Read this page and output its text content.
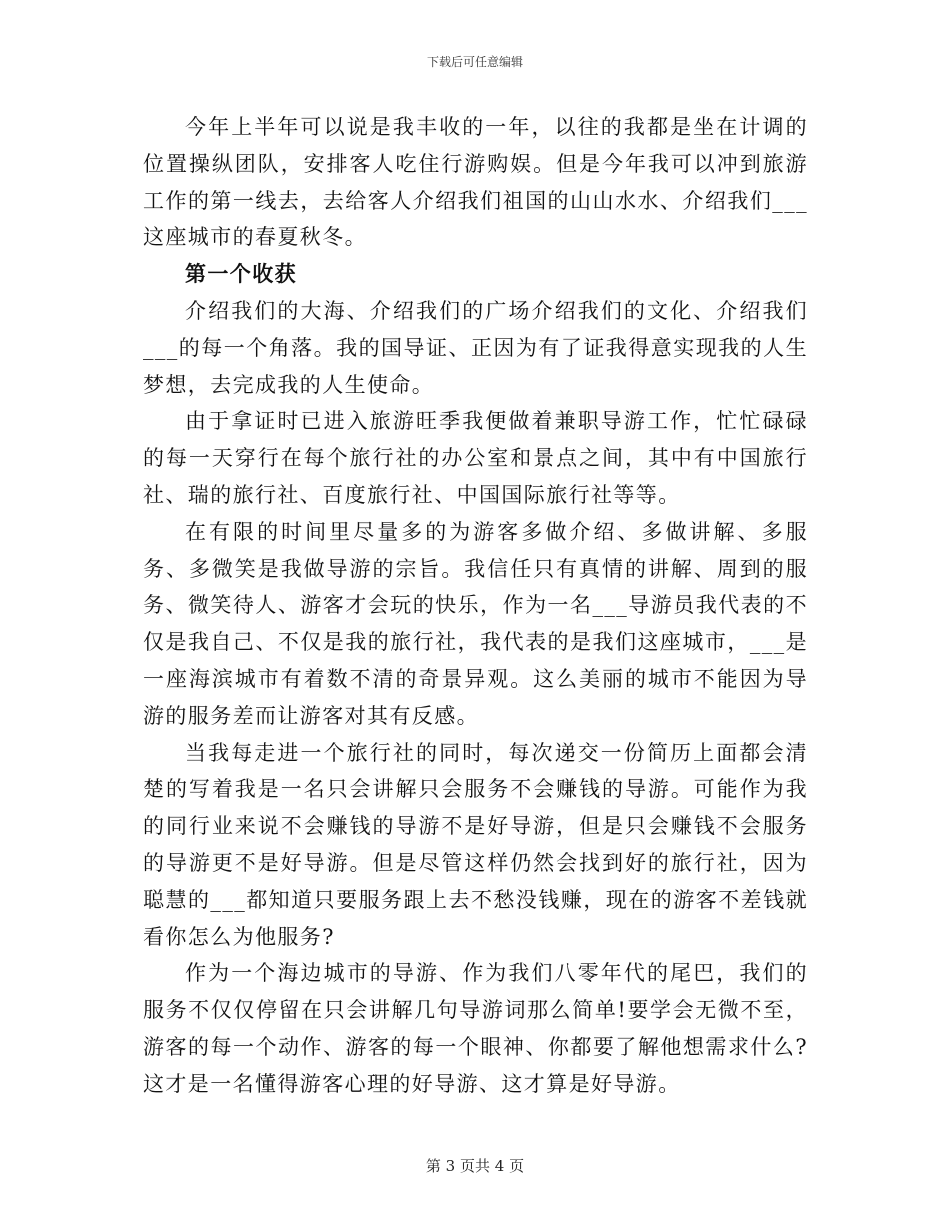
下载后可任意编辑

今年上半年可以说是我丰收的一年，以往的我都是坐在计调的位置操纵团队，安排客人吃住行游购娱。但是今年我可以冲到旅游工作的第一线去，去给客人介绍我们祖国的山山水水、介绍我们___这座城市的春夏秋冬。

第一个收获

介绍我们的大海、介绍我们的广场介绍我们的文化、介绍我们___的每一个角落。我的国导证、正因为有了证我得意实现我的人生梦想，去完成我的人生使命。

由于拿证时已进入旅游旺季我便做着兼职导游工作，忙忙碌碌的每一天穿行在每个旅行社的办公室和景点之间，其中有中国旅行社、瑞的旅行社、百度旅行社、中国国际旅行社等等。

在有限的时间里尽量多的为游客多做介绍、多做讲解、多服务、多微笑是我做导游的宗旨。我信任只有真情的讲解、周到的服务、微笑待人、游客才会玩的快乐，作为一名___导游员我代表的不仅是我自己、不仅是我的旅行社，我代表的是我们这座城市，___是一座海滨城市有着数不清的奇景异观。这么美丽的城市不能因为导游的服务差而让游客对其有反感。

当我每走进一个旅行社的同时，每次递交一份简历上面都会清楚的写着我是一名只会讲解只会服务不会赚钱的导游。可能作为我的同行业来说不会赚钱的导游不是好导游，但是只会赚钱不会服务的导游更不是好导游。但是尽管这样仍然会找到好的旅行社，因为聪慧的___都知道只要服务跟上去不愁没钱赚，现在的游客不差钱就看你怎么为他服务?

作为一个海边城市的导游、作为我们八零年代的尾巴，我们的服务不仅仅停留在只会讲解几句导游词那么简单!要学会无微不至，游客的每一个动作、游客的每一个眼神、你都要了解他想需求什么?这才是一名懂得游客心理的好导游、这才算是好导游。

第 3 页共 4 页
